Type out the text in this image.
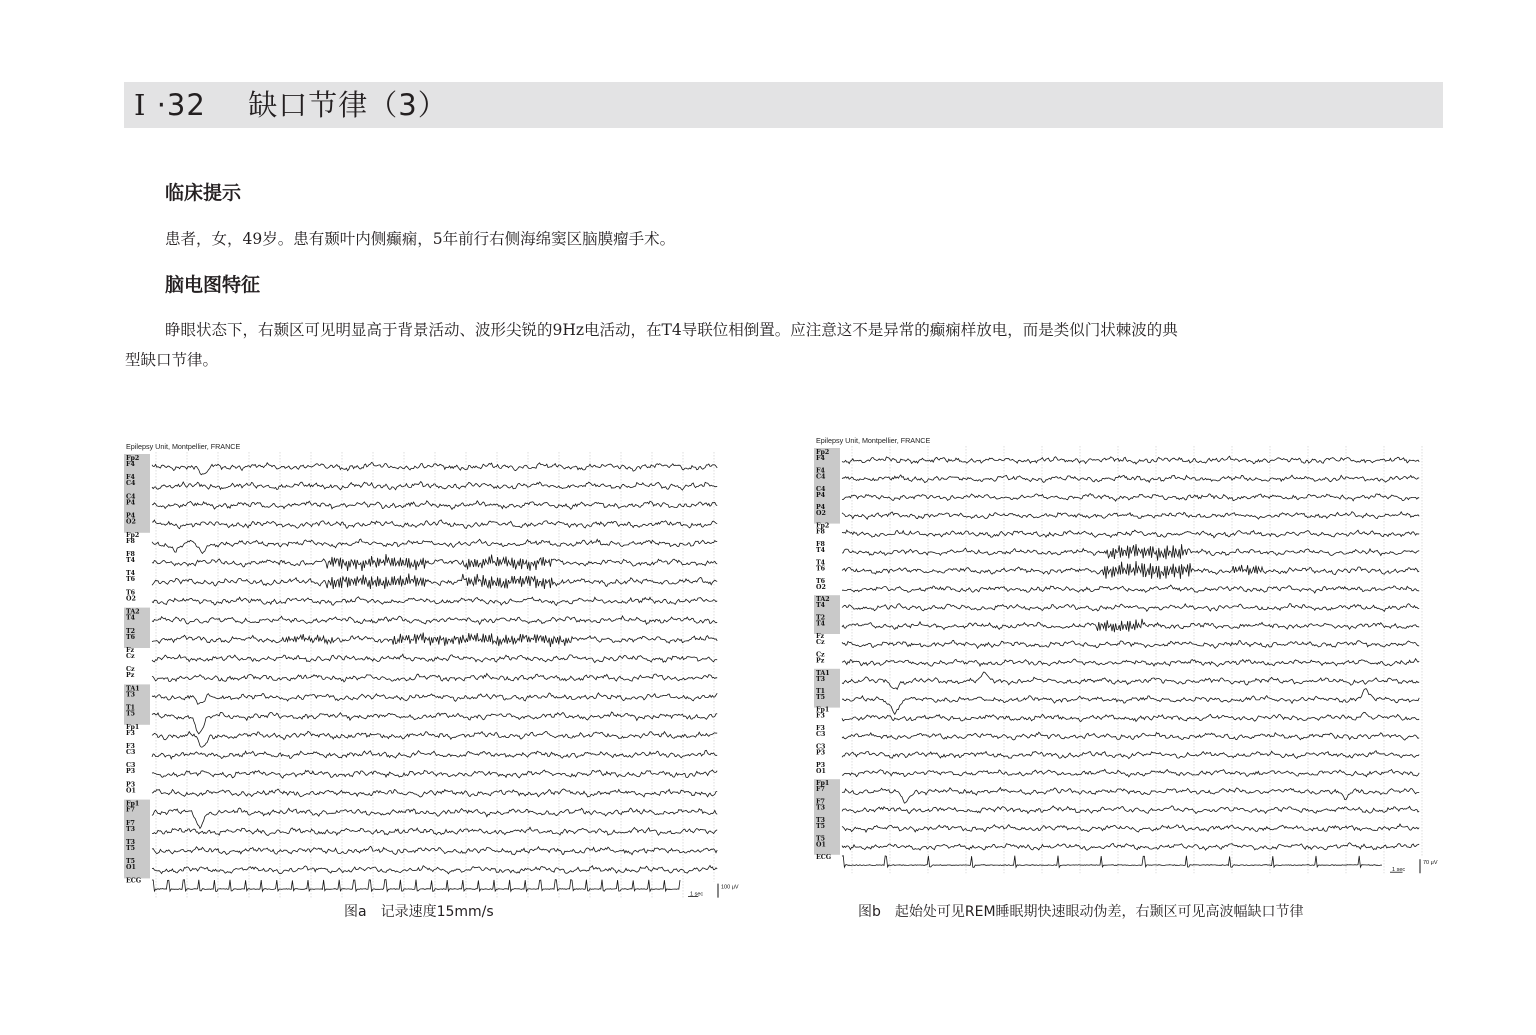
I ·32 缺口节律（3）
临床提示
患者，女，49岁。患有颞叶内侧癫痫，5年前行右侧海绵窦区脑膜瘤手术。
脑电图特征
睁眼状态下，右颞区可见明显高于背景活动、波形尖锐的9Hz电活动，在T4导联位相倒置。应注意这不是异常的癫痫样放电，而是类似门状棘波的典
型缺口节律。
Epilepsy Unit, Montpellier, FRANCE
Fp2
F4
F4
C4
C4
P4
P4
O2
Fp2
F8
F8
T4
T4
T6
T6
O2
TA2
T4
T2
T6
Fz
Cz
Cz
Pz
TA1
T3
T1
T5
Fp1
F3
F3
C3
C3
P3
P3
O1
Fp1
F7
F7
T3
T3
T5
T5
O1
ECG
1 sec
100 μV
图a 记录速度15mm/s
Epilepsy Unit, Montpellier, FRANCE
Fp2
F4
F4
C4
C4
P4
P4
O2
Fp2
F8
F8
T4
T4
T6
T6
O2
TA2
T4
T2
T4
Fz
Cz
Cz
Pz
TA1
T3
T1
T5
Fp1
F3
F3
C3
C3
P3
P3
O1
Fp1
F7
F7
T3
T3
T5
T5
O1
ECG
1 sec
70 μV
图b 起始处可见REM睡眠期快速眼动伪差，右颞区可见高波幅缺口节律
